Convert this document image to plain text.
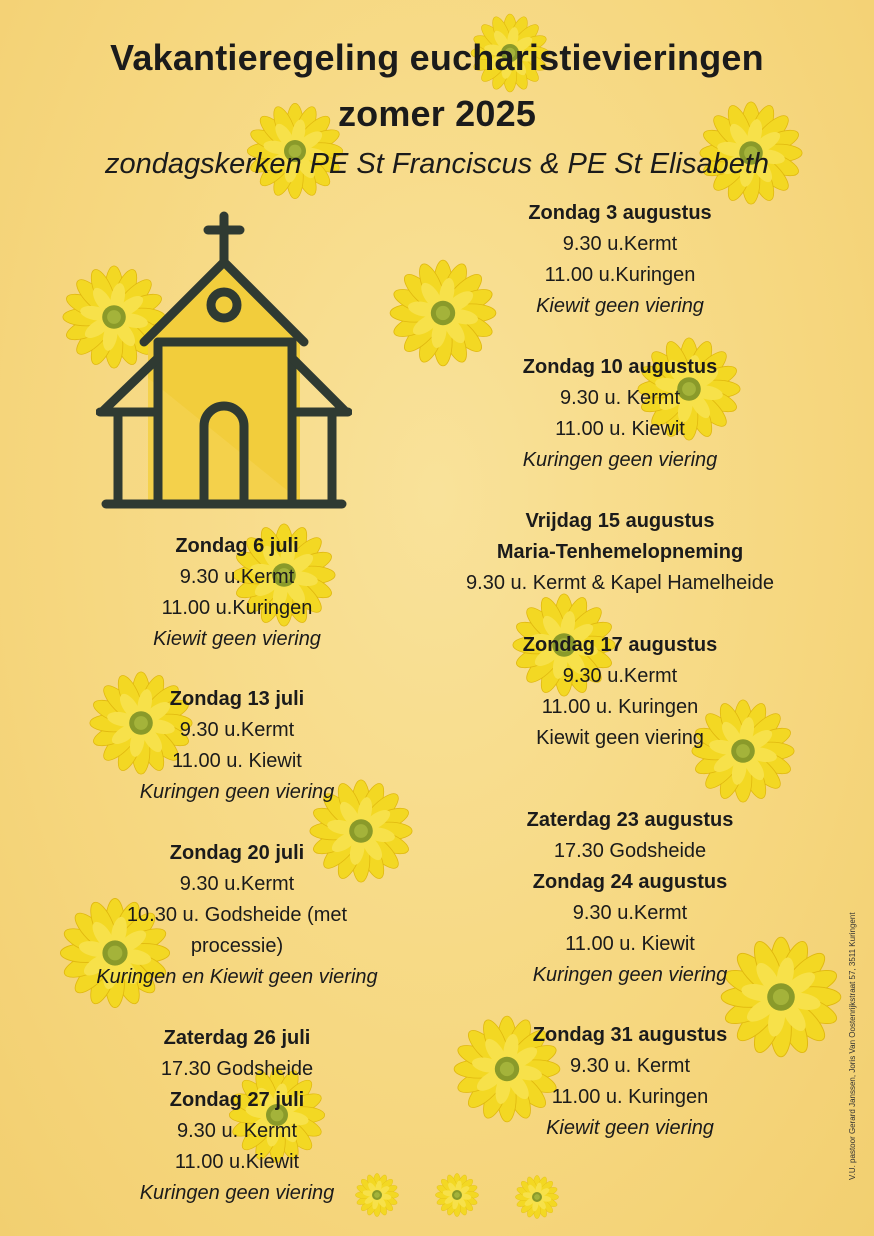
Vakantieregeling eucharistievieringen
zomer 2025
zondagskerken PE St Franciscus & PE St Elisabeth
Zondag 6 juli
9.30 u.Kermt
11.00 u.Kuringen
Kiewit geen viering
Zondag 13 juli
9.30 u.Kermt
11.00 u. Kiewit
Kuringen geen viering
Zondag 20 juli
9.30 u.Kermt
10.30 u. Godsheide (met
processie)
Kuringen en Kiewit geen viering
Zaterdag 26 juli
17.30 Godsheide
Zondag 27 juli
9.30 u. Kermt
11.00 u.Kiewit
Kuringen geen viering
Zondag 3 augustus
9.30 u.Kermt
11.00 u.Kuringen
Kiewit geen viering
Zondag 10 augustus
9.30 u. Kermt
11.00 u. Kiewit
Kuringen geen viering
Vrijdag 15 augustus
Maria-Tenhemelopneming
9.30 u. Kermt & Kapel Hamelheide
Zondag 17 augustus
9.30 u.Kermt
11.00 u. Kuringen
Kiewit geen viering
Zaterdag 23 augustus
17.30 Godsheide
Zondag 24 augustus
9.30 u.Kermt
11.00 u. Kiewit
Kuringen geen viering
Zondag 31 augustus
9.30 u. Kermt
11.00 u. Kuringen
Kiewit geen viering	V.U. pastoor Gerard Janssen, Joris Van Oostenrijkstraat 57, 3511 Kuringent
